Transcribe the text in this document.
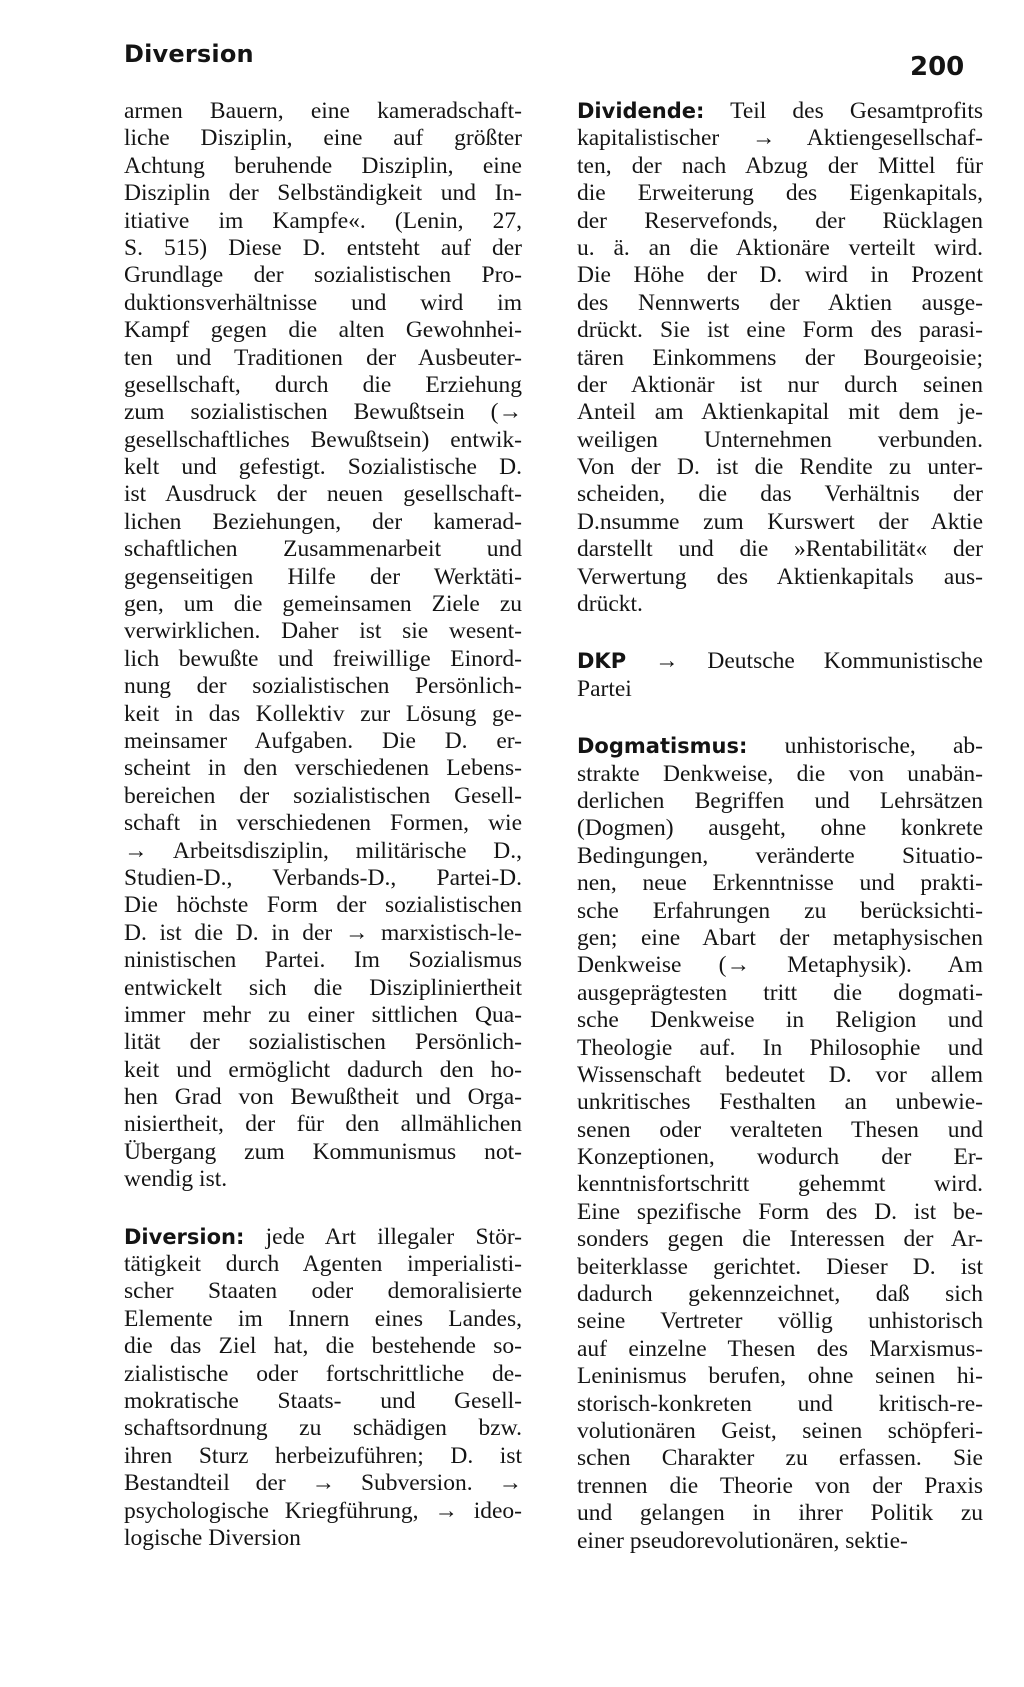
Diversion	200
armen Bauern, eine kameradschaft-
liche Disziplin, eine auf größter
Achtung beruhende Disziplin, eine
Disziplin der Selbständigkeit und In-
itiative im Kampfe«. (Lenin, 27,
S. 515) Diese D. entsteht auf der
Grundlage der sozialistischen Pro-
duktionsverhältnisse und wird im
Kampf gegen die alten Gewohnhei-
ten und Traditionen der Ausbeuter-
gesellschaft, durch die Erziehung
zum sozialistischen Bewußtsein (→
gesellschaftliches Bewußtsein) entwik-
kelt und gefestigt. Sozialistische D.
ist Ausdruck der neuen gesellschaft-
lichen Beziehungen, der kamerad-
schaftlichen Zusammenarbeit und
gegenseitigen Hilfe der Werktäti-
gen, um die gemeinsamen Ziele zu
verwirklichen. Daher ist sie wesent-
lich bewußte und freiwillige Einord-
nung der sozialistischen Persönlich-
keit in das Kollektiv zur Lösung ge-
meinsamer Aufgaben. Die D. er-
scheint in den verschiedenen Lebens-
bereichen der sozialistischen Gesell-
schaft in verschiedenen Formen, wie
→ Arbeitsdisziplin, militärische D.,
Studien-D., Verbands-D., Partei-D.
Die höchste Form der sozialistischen
D. ist die D. in der → marxistisch-le-
ninistischen Partei. Im Sozialismus
entwickelt sich die Diszipliniertheit
immer mehr zu einer sittlichen Qua-
lität der sozialistischen Persönlich-
keit und ermöglicht dadurch den ho-
hen Grad von Bewußtheit und Orga-
nisiertheit, der für den allmählichen
Übergang zum Kommunismus not-
wendig ist.
Diversion: jede Art illegaler Stör-
tätigkeit durch Agenten imperialisti-
scher Staaten oder demoralisierte
Elemente im Innern eines Landes,
die das Ziel hat, die bestehende so-
zialistische oder fortschrittliche de-
mokratische Staats- und Gesell-
schaftsordnung zu schädigen bzw.
ihren Sturz herbeizuführen; D. ist
Bestandteil der → Subversion. →
psychologische Kriegführung, → ideo-
logische Diversion
Dividende: Teil des Gesamtprofits
kapitalistischer → Aktiengesellschaf-
ten, der nach Abzug der Mittel für
die Erweiterung des Eigenkapitals,
der Reservefonds, der Rücklagen
u. ä. an die Aktionäre verteilt wird.
Die Höhe der D. wird in Prozent
des Nennwerts der Aktien ausge-
drückt. Sie ist eine Form des parasi-
tären Einkommens der Bourgeoisie;
der Aktionär ist nur durch seinen
Anteil am Aktienkapital mit dem je-
weiligen Unternehmen verbunden.
Von der D. ist die Rendite zu unter-
scheiden, die das Verhältnis der
D.nsumme zum Kurswert der Aktie
darstellt und die »Rentabilität« der
Verwertung des Aktienkapitals aus-
drückt.
DKP → Deutsche Kommunistische
Partei
Dogmatismus: unhistorische, ab-
strakte Denkweise, die von unabän-
derlichen Begriffen und Lehrsätzen
(Dogmen) ausgeht, ohne konkrete
Bedingungen, veränderte Situatio-
nen, neue Erkenntnisse und prakti-
sche Erfahrungen zu berücksichti-
gen; eine Abart der metaphysischen
Denkweise (→ Metaphysik). Am
ausgeprägtesten tritt die dogmati-
sche Denkweise in Religion und
Theologie auf. In Philosophie und
Wissenschaft bedeutet D. vor allem
unkritisches Festhalten an unbewie-
senen oder veralteten Thesen und
Konzeptionen, wodurch der Er-
kenntnisfortschritt gehemmt wird.
Eine spezifische Form des D. ist be-
sonders gegen die Interessen der Ar-
beiterklasse gerichtet. Dieser D. ist
dadurch gekennzeichnet, daß sich
seine Vertreter völlig unhistorisch
auf einzelne Thesen des Marxismus-
Leninismus berufen, ohne seinen hi-
storisch-konkreten und kritisch-re-
volutionären Geist, seinen schöpferi-
schen Charakter zu erfassen. Sie
trennen die Theorie von der Praxis
und gelangen in ihrer Politik zu
einer pseudorevolutionären, sektie-
